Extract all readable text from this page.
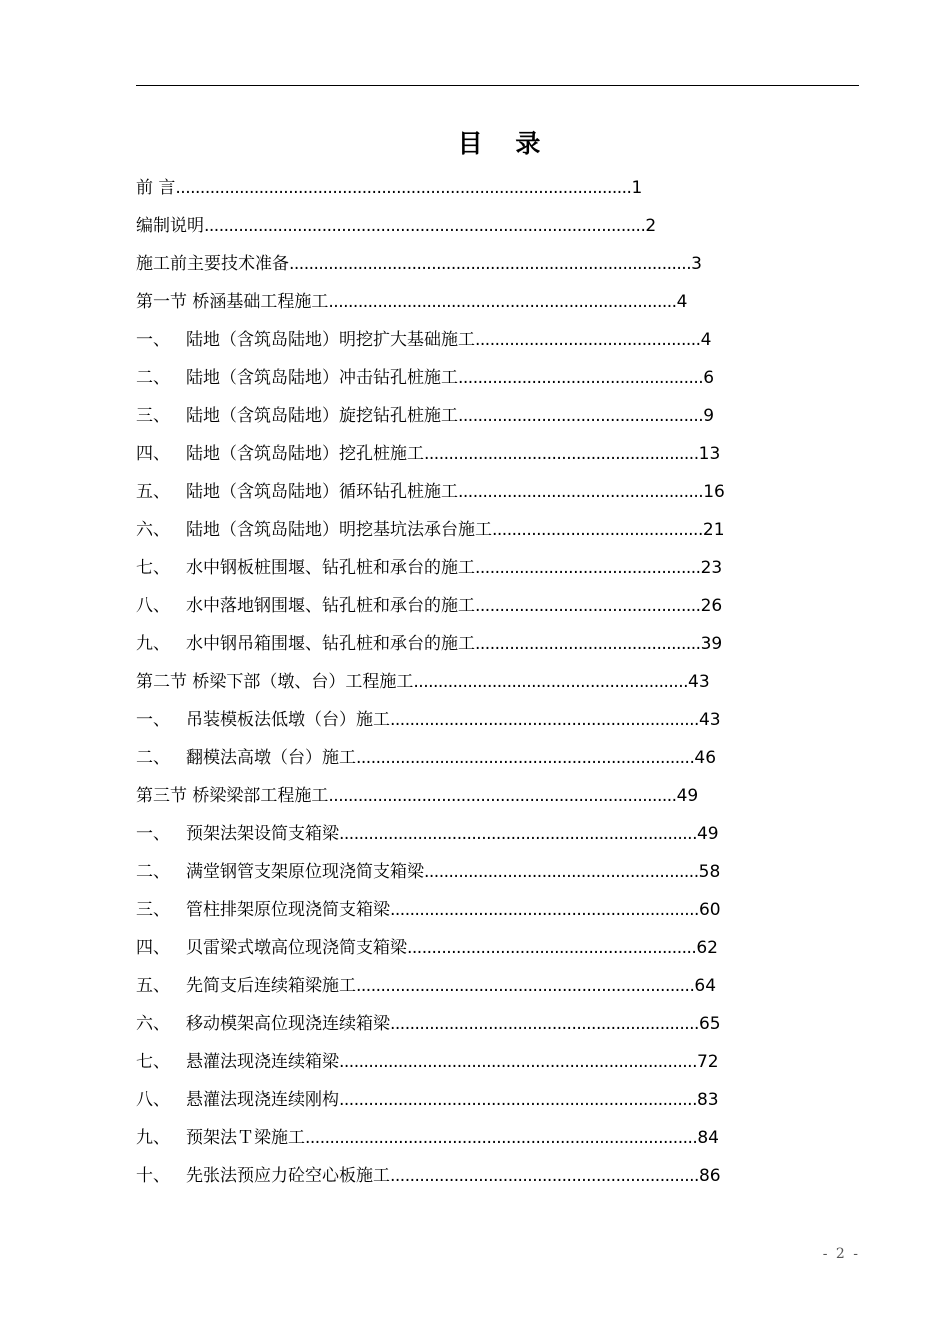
目 录
前 言 ............................................................................................. 1
编制说明 .......................................................................................... 2
施工前主要技术准备 .................................................................................. 3
第一节 桥涵基础工程施工 ....................................................................... 4
一、 陆地（含筑岛陆地）明挖扩大基础施工 .............................................. 4
二、 陆地（含筑岛陆地）冲击钻孔桩施工 .................................................. 6
三、 陆地（含筑岛陆地）旋挖钻孔桩施工 .................................................. 9
四、 陆地（含筑岛陆地）挖孔桩施工 ........................................................ 13
五、 陆地（含筑岛陆地）循环钻孔桩施工 .................................................. 16
六、 陆地（含筑岛陆地）明挖基坑法承台施工 ........................................... 21
七、 水中钢板桩围堰、钻孔桩和承台的施工 .............................................. 23
八、 水中落地钢围堰、钻孔桩和承台的施工 .............................................. 26
九、 水中钢吊箱围堰、钻孔桩和承台的施工 .............................................. 39
第二节 桥梁下部（墩、台）工程施工 ........................................................ 43
一、 吊装模板法低墩（台）施工 ............................................................... 43
二、 翻模法高墩（台）施工 ..................................................................... 46
第三节 桥梁梁部工程施工 ....................................................................... 49
一、 预架法架设简支箱梁 ......................................................................... 49
二、 满堂钢管支架原位现浇简支箱梁 ........................................................ 58
三、 管柱排架原位现浇简支箱梁 ............................................................... 60
四、 贝雷梁式墩高位现浇简支箱梁 ........................................................... 62
五、 先简支后连续箱梁施工 ..................................................................... 64
六、 移动模架高位现浇连续箱梁 ............................................................... 65
七、 悬灌法现浇连续箱梁 ......................................................................... 72
八、 悬灌法现浇连续刚构 ......................................................................... 83
九、 预架法Ｔ梁施工 ................................................................................ 84
十、 先张法预应力砼空心板施工 ............................................................... 86
- 2 -
